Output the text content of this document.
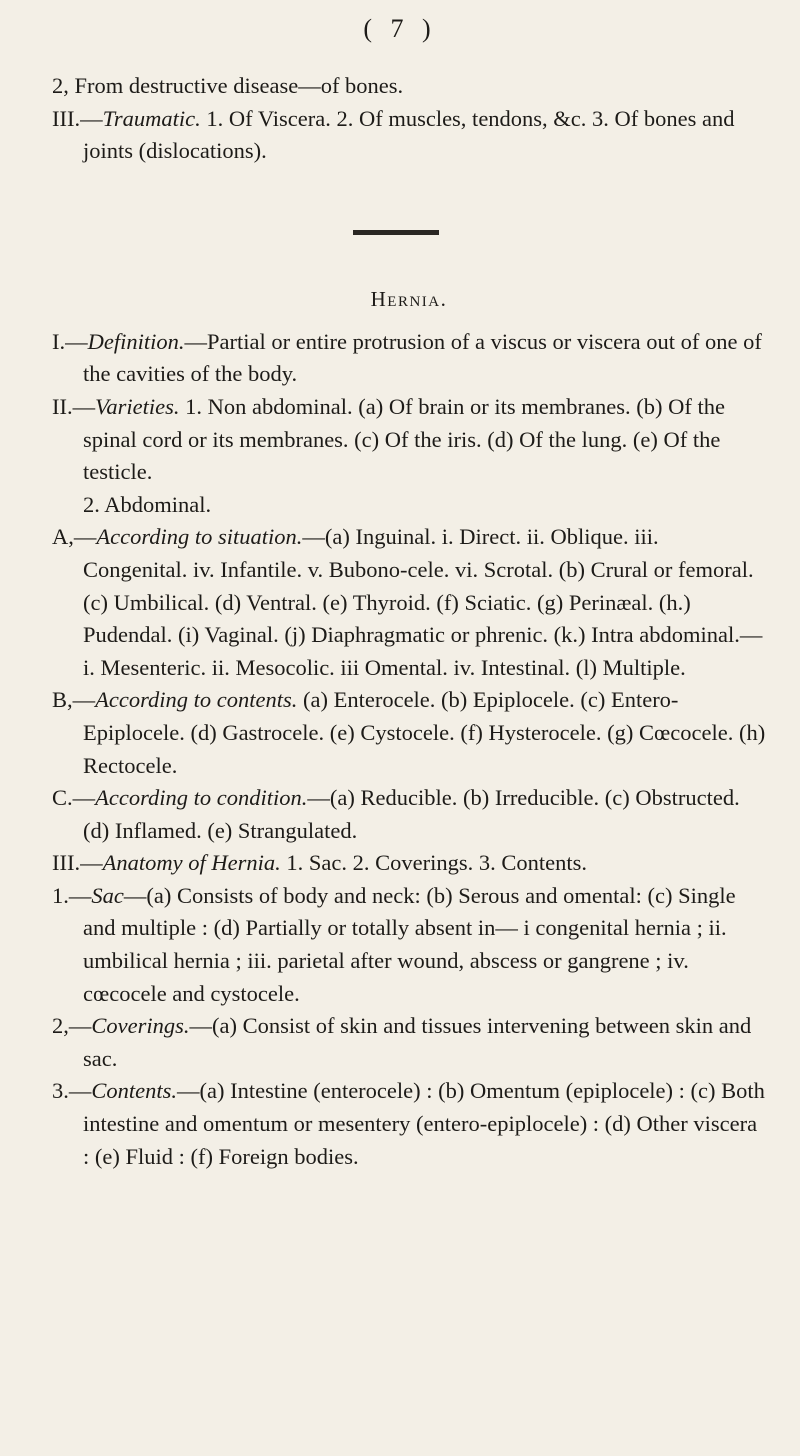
( 7 )

2, From destructive disease—of bones.

III.—Traumatic. 1. Of Viscera. 2. Of muscles, tendons, &c. 3. Of bones and joints (dislocations).

Hernia.

I.—Definition.—Partial or entire protrusion of a viscus or viscera out of one of the cavities of the body.

II.—Varieties. 1. Non abdominal. (a) Of brain or its membranes. (b) Of the spinal cord or its membranes. (c) Of the iris. (d) Of the lung. (e) Of the testicle.

2. Abdominal.

A,—According to situation.—(a) Inguinal. i. Direct. ii. Oblique. iii. Congenital. iv. Infantile. v. Bubono-cele. vi. Scrotal. (b) Crural or femoral. (c) Umbilical. (d) Ventral. (e) Thyroid. (f) Sciatic. (g) Perinæal. (h.) Pudendal. (i) Vaginal. (j) Diaphragmatic or phrenic. (k.) Intra abdominal.—i. Mesenteric. ii. Mesocolic. iii Omental. iv. Intestinal. (l) Multiple.

B,—According to contents. (a) Enterocele. (b) Epiplocele. (c) Entero-Epiplocele. (d) Gastrocele. (e) Cystocele. (f) Hysterocele. (g) Cœcocele. (h) Rectocele.

C.—According to condition.—(a) Reducible. (b) Irreducible. (c) Obstructed. (d) Inflamed. (e) Strangulated.

III.—Anatomy of Hernia. 1. Sac. 2. Coverings. 3. Contents.

1.—Sac—(a) Consists of body and neck: (b) Serous and omental: (c) Single and multiple : (d) Partially or totally absent in— i congenital hernia ; ii. umbilical hernia ; iii. parietal after wound, abscess or gangrene ; iv. cœcocele and cystocele.

2,—Coverings.—(a) Consist of skin and tissues intervening between skin and sac.

3.—Contents.—(a) Intestine (enterocele) : (b) Omentum (epiplocele) : (c) Both intestine and omentum or mesentery (entero-epiplocele) : (d) Other viscera : (e) Fluid : (f) Foreign bodies.
